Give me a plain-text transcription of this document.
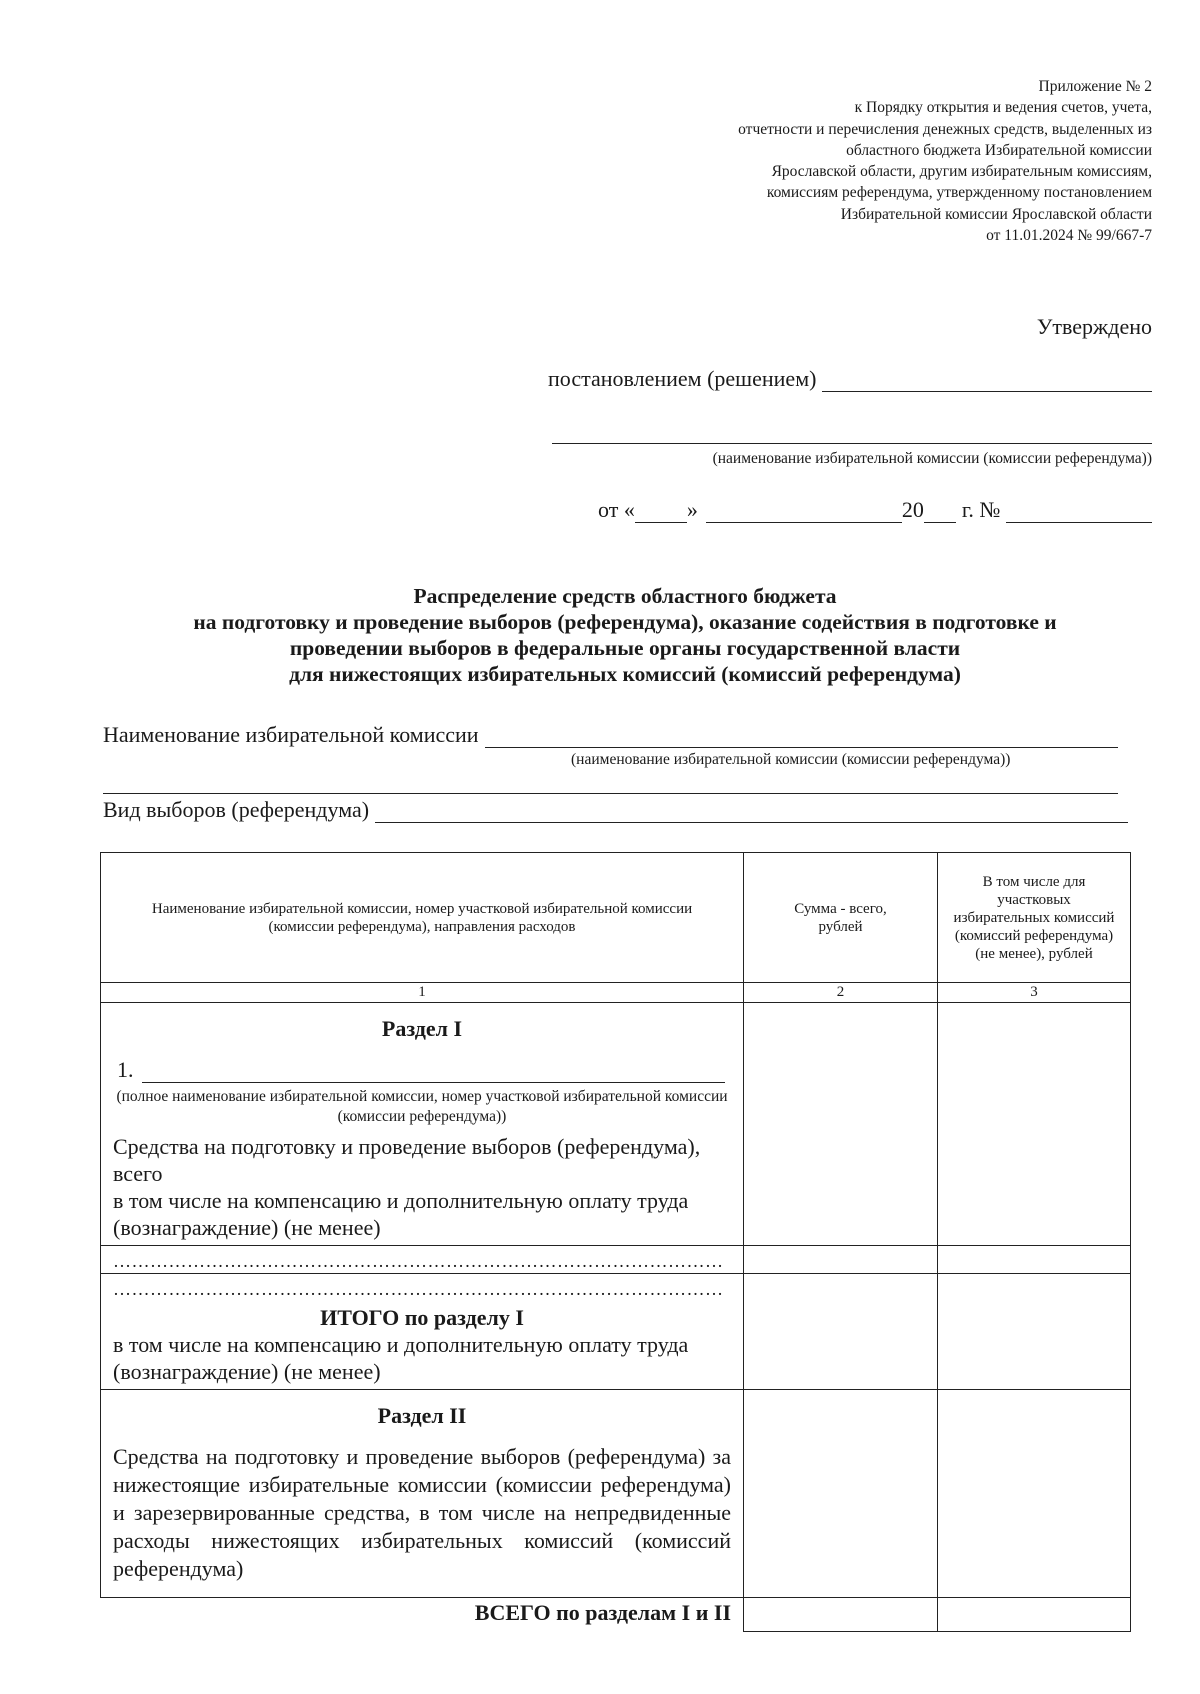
Приложение № 2
к Порядку открытия и ведения счетов, учета,
отчетности и перечисления денежных средств, выделенных из
областного бюджета Избирательной комиссии
Ярославской области, другим избирательным комиссиям,
комиссиям референдума, утвержденному постановлением
Избирательной комиссии Ярославской области
от 11.01.2024 № 99/667-7
Утверждено
постановлением (решением)
(наименование избирательной комиссии (комиссии референдума))
от « »	20 г. №
Распределение средств областного бюджета
на подготовку и проведение выборов (референдума), оказание содействия в подготовке и
проведении выборов в федеральные органы государственной власти
для нижестоящих избирательных комиссий (комиссий референдума)
Наименование избирательной комиссии
(наименование избирательной комиссии (комиссии референдума))
Вид выборов (референдума)
Наименование избирательной комиссии, номер участковой избирательной комиссии (комиссии референдума), направления расходов	Сумма - всего, рублей	В том числе для участковых избирательных комиссий (комиссий референдума) (не менее), рублей
1	2	3

Раздел I
1.
(полное наименование избирательной комиссии, номер участковой избирательной комиссии (комиссии референдума))
Средства на подготовку и проведение выборов (референдума), всего
в том числе на компенсацию и дополнительную оплату труда (вознаграждение) (не менее)		

………………………………………………………………………………………		

………………………………………………………………………………………
ИТОГО по разделу I
в том числе на компенсацию и дополнительную оплату труда (вознаграждение) (не менее)		

Раздел II
Средства на подготовку и проведение выборов (референдума) за нижестоящие избирательные комиссии (комиссии референдума) и зарезервированные средства, в том числе на непредвиденные расходы нижестоящих избирательных комиссий (комиссий референдума)		

ВСЕГО по разделам I и II		
